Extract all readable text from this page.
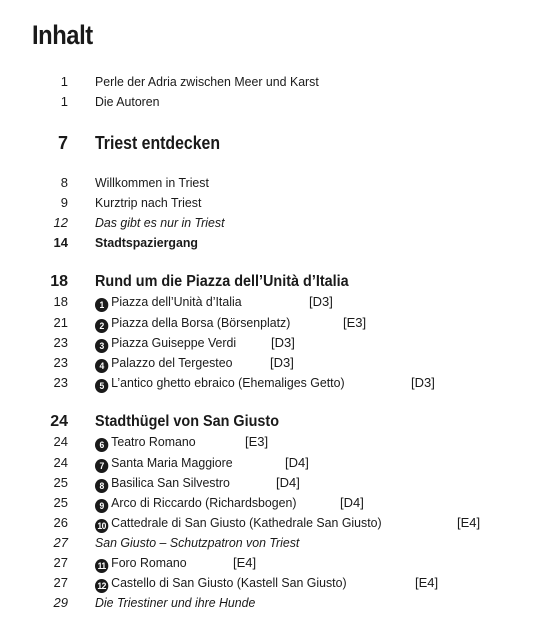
Inhalt
1 Perle der Adria zwischen Meer und Karst
1 Die Autoren
7 Triest entdecken
8 Willkommen in Triest
9 Kurztrip nach Triest
12 Das gibt es nur in Triest
14 Stadtspaziergang
18 Rund um die Piazza dell’Unità d’Italia
18	1 Piazza dell’Unità d’Italia	[D3]
21	2 Piazza della Borsa (Börsenplatz)	[E3]
23	3 Piazza Guiseppe Verdi	[D3]
23	4 Palazzo del Tergesteo	[D3]
23	5 L’antico ghetto ebraico (Ehemaliges Getto)	[D3]
24 Stadthügel von San Giusto
24	6 Teatro Romano	[E3]
24	7 Santa Maria Maggiore	[D4]
25	8 Basilica San Silvestro	[D4]
25	9 Arco di Riccardo (Richardsbogen)	[D4]
26	10 Cattedrale di San Giusto (Kathedrale San Giusto)	[E4]
27 San Giusto – Schutzpatron von Triest
27	11 Foro Romano	[E4]
27	12 Castello di San Giusto (Kastell San Giusto)	[E4]
29 Die Triestiner und ihre Hunde
